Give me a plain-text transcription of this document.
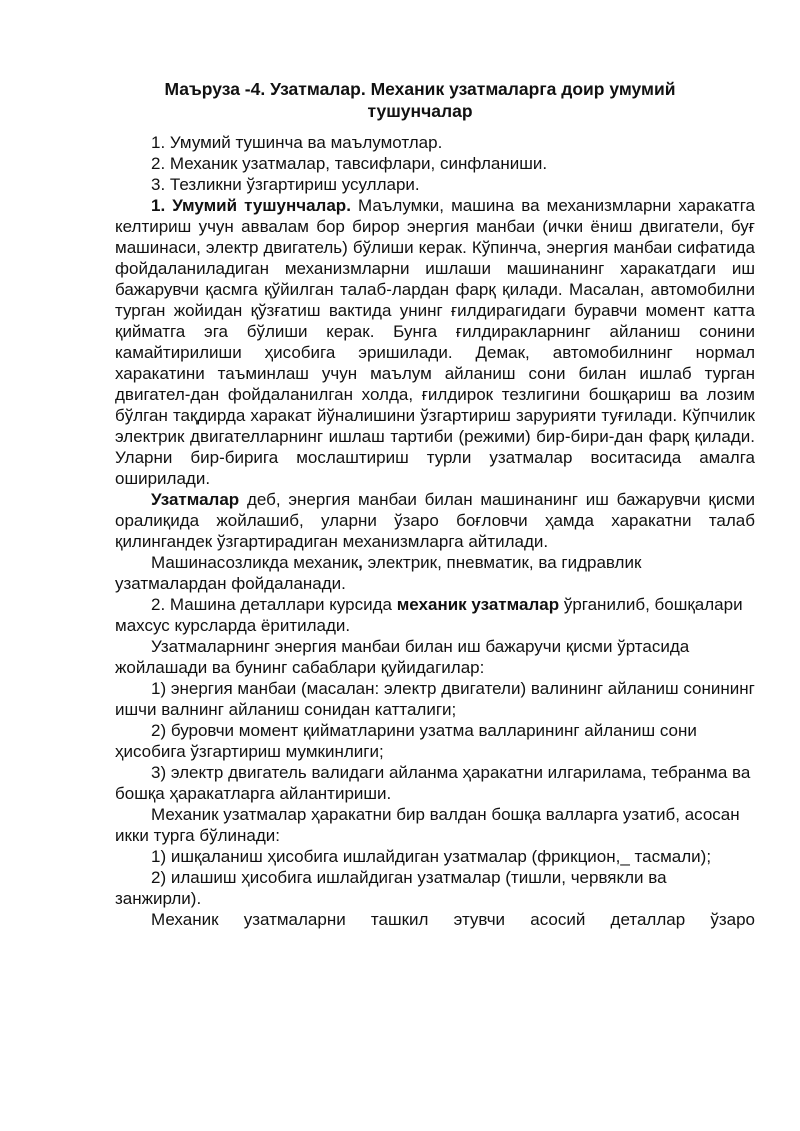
Маъруза -4. Узатмалар. Механик узатмаларга доир умумий
тушунчалар

1. Умумий тушинча ва маълумотлар.

2. Механик узатмалар, тавсифлари, синфланиши.

3. Тезликни ўзгартириш усуллари.

1. Умумий тушунчалар. Маълумки, машина ва механизмларни харакатга келтириш учун аввалам бор бирор энергия манбаи (ички ёниш двигатели, буғ машинаси, электр двигатель) бўлиши керак. Кўпинча, энергия манбаи сифатида фойдаланиладиган механизмларни ишлаши машинанинг харакатдаги иш бажарувчи қасмга қўйилган талаб-лардан фарқ қилади. Масалан, автомобилни турган жойидан қўзғатиш вактида унинг ғилдирагидаги буравчи момент катта қийматга эга бўлиши керак. Бунга ғилдиракларнинг айланиш сонини камайтирилиши ҳисобига эришилади. Демак, автомобилнинг нормал харакатини таъминлаш учун маълум айланиш сони билан ишлаб турган двигател-дан фойдаланилган холда, ғилдирок тезлигини бошқариш ва лозим бўлган тақдирда харакат йўналишини ўзгартириш зарурияти туғилади. Кўпчилик электрик двигателларнинг ишлаш тартиби (режими) бир-бири-дан фарқ қилади. Уларни бир-бирига мослаштириш турли узатмалар воситасида амалга оширилади.

Узатмалар деб, энергия манбаи билан машинанинг иш бажарувчи қисми оралиқида жойлашиб, уларни ўзаро боғловчи ҳамда харакатни талаб қилингандек ўзгартирадиган механизмларга айтилади.

Машинасозликда механик, электрик, пневматик, ва гидравлик узатмалардан фойдаланади.

2. Машина деталлари курсида механик узатмалар ўрганилиб, бошқалари махсус курсларда ёритилади.

Узатмаларнинг энергия манбаи билан иш бажаручи қисми ўртасида жойлашади ва бунинг сабаблари қуйидагилар:

1) энергия манбаи (масалан: электр двигатели) валининг айланиш сонининг ишчи валнинг айланиш сонидан катталиги;

2) буровчи момент қийматларини узатма валларининг айланиш сони ҳисобига ўзгартириш мумкинлиги;

3) электр двигатель валидаги айланма ҳаракатни илгарилама, тебранма ва бошқа ҳаракатларга айлантириши.

Механик узатмалар ҳаракатни бир валдан бошқа валларга узатиб, асосан икки турга бўлинади:

1) ишқаланиш ҳисобига ишлайдиган узатмалар (фрикцион,_ тасмали);

2) илашиш ҳисобига ишлайдиган узатмалар (тишли, червякли ва занжирли).

Механик узатмаларни ташкил этувчи асосий деталлар ўзаро
